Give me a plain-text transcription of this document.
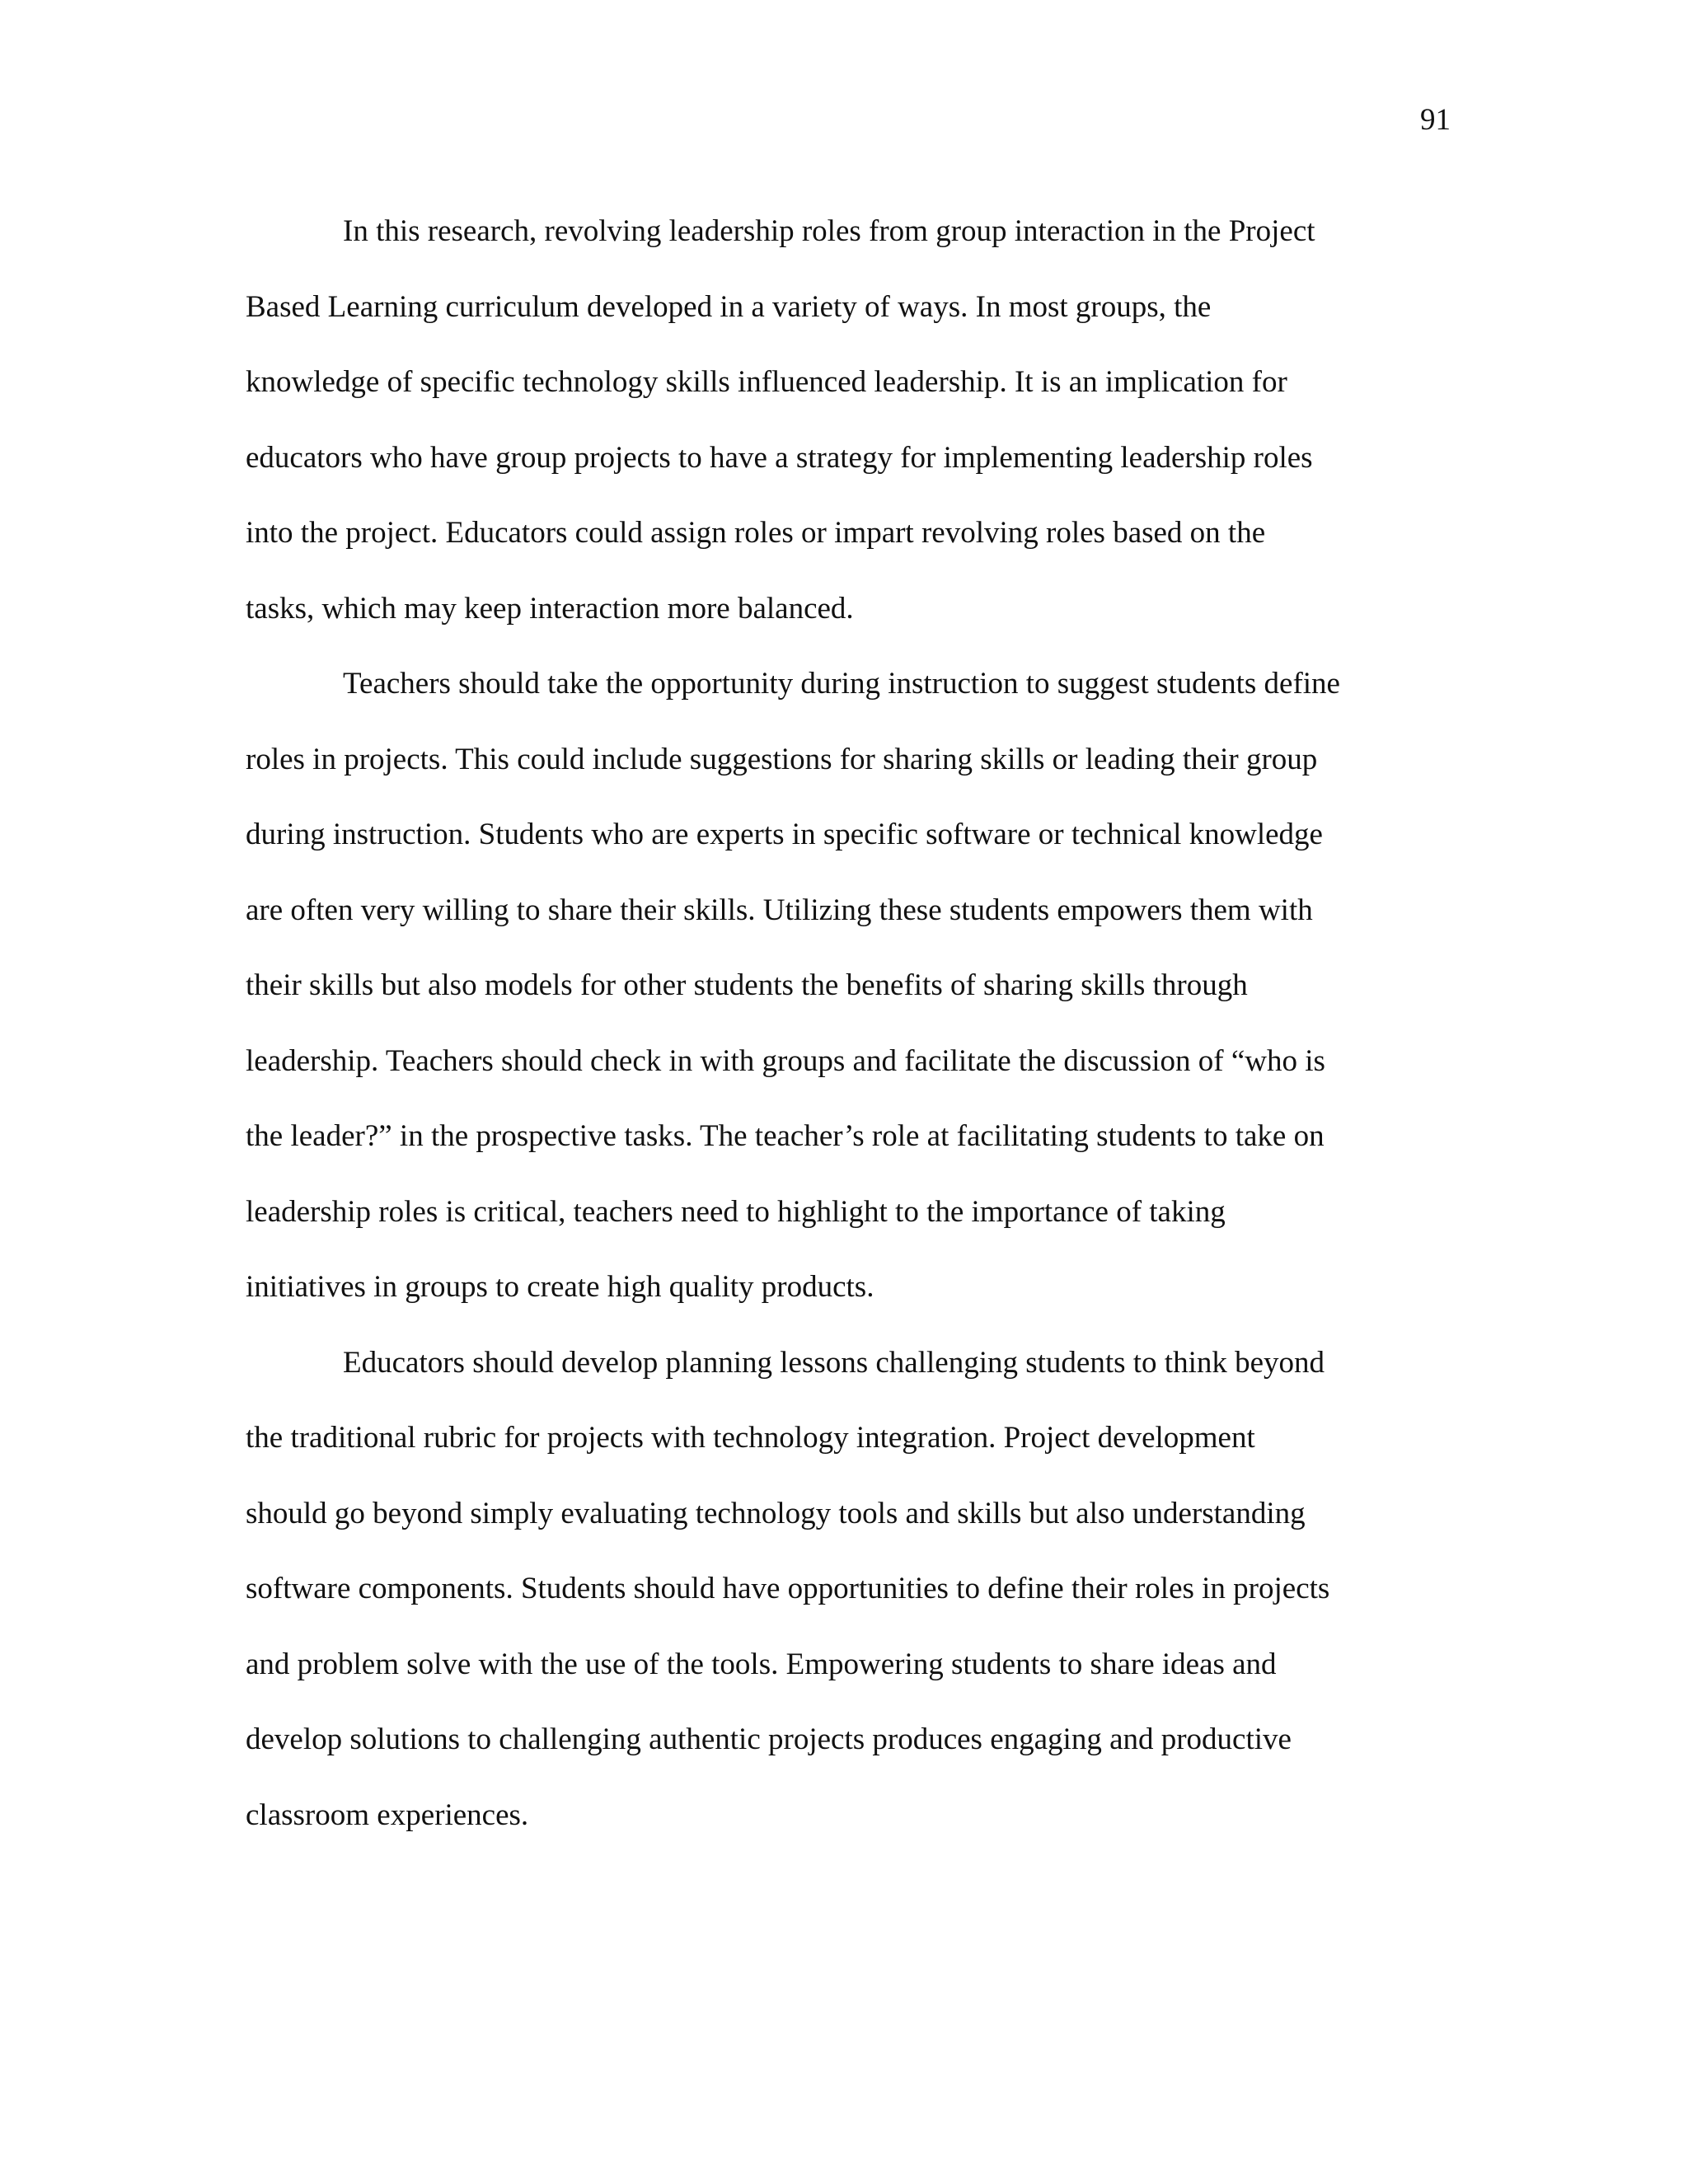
91
In this research, revolving leadership roles from group interaction in the Project
Based Learning curriculum developed in a variety of ways. In most groups, the
knowledge of specific technology skills influenced leadership. It is an implication for
educators who have group projects to have a strategy for implementing leadership roles
into the project. Educators could assign roles or impart revolving roles based on the
tasks, which may keep interaction more balanced.
Teachers should take the opportunity during instruction to suggest students define
roles in projects. This could include suggestions for sharing skills or leading their group
during instruction. Students who are experts in specific software or technical knowledge
are often very willing to share their skills. Utilizing these students empowers them with
their skills but also models for other students the benefits of sharing skills through
leadership. Teachers should check in with groups and facilitate the discussion of “who is
the leader?” in the prospective tasks. The teacher’s role at facilitating students to take on
leadership roles is critical, teachers need to highlight to the importance of taking
initiatives in groups to create high quality products.
Educators should develop planning lessons challenging students to think beyond
the traditional rubric for projects with technology integration. Project development
should go beyond simply evaluating technology tools and skills but also understanding
software components. Students should have opportunities to define their roles in projects
and problem solve with the use of the tools. Empowering students to share ideas and
develop solutions to challenging authentic projects produces engaging and productive
classroom experiences.
